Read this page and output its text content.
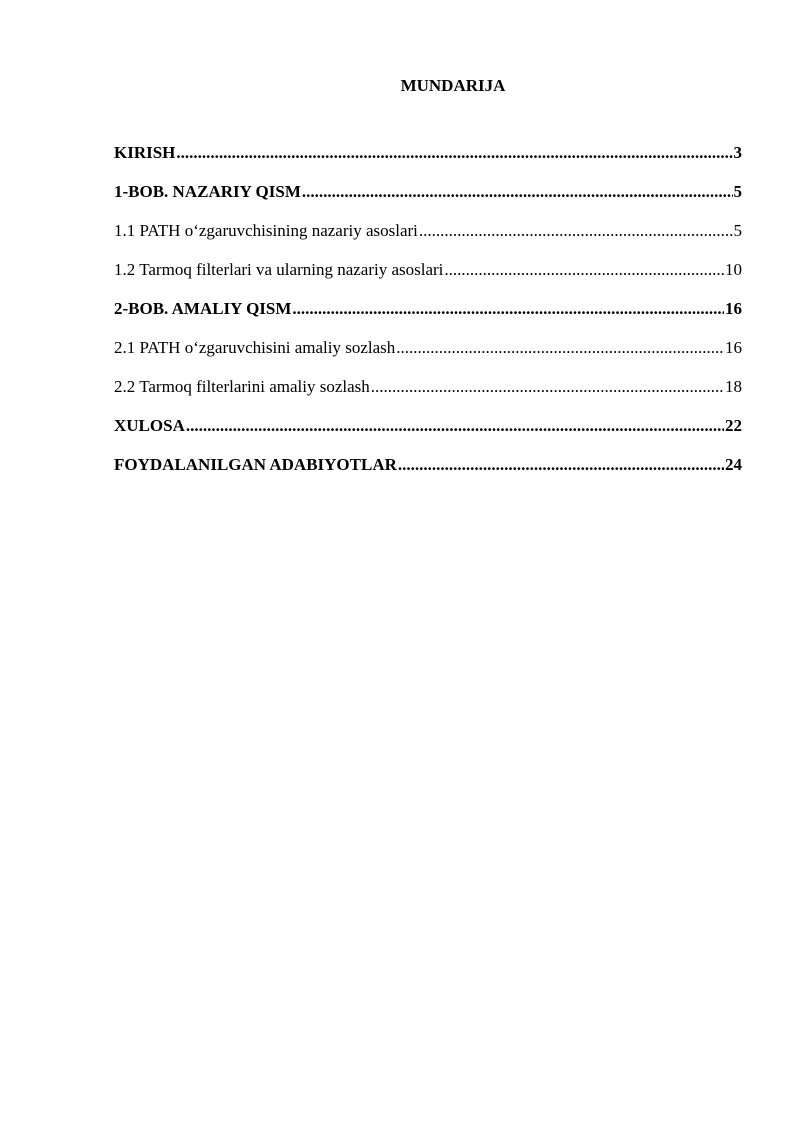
MUNDARIJA
KIRISH .....	3
1-BOB. NAZARIY QISM .....	5
1.1 PATH o‘zgaruvchisining nazariy asoslari .....	5
1.2 Tarmoq filterlari va ularning nazariy asoslari .....	10
2-BOB. AMALIY QISM .....	16
2.1 PATH o‘zgaruvchisini amaliy sozlash .....	16
2.2 Tarmoq filterlarini amaliy sozlash .....	18
XULOSA .....	22
FOYDALANILGAN ADABIYOTLAR .....	24
